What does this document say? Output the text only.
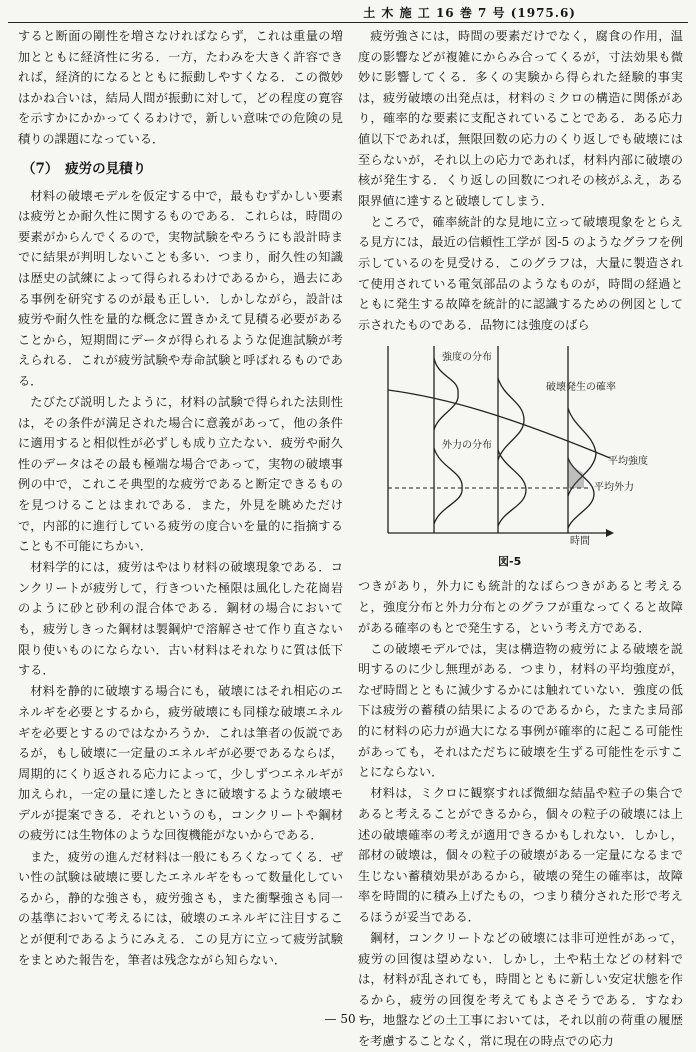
土 木 施 工 16 巻 7 号 (1975.6)

すると断面の剛性を増さなければならず，これは重量の増加とともに経済性に劣る．一方，たわみを大きく許容できれば，経済的になるとともに振動しやすくなる．この微妙はかね合いは，結局人間が振動に対して，どの程度の寛容を示すかにかかってくるわけで，新しい意味での危険の見積りの課題になっている．

（7）　疲労の見積り

材料の破壊モデルを仮定する中で，最もむずかしい要素は疲労とか耐久性に関するものである．これらは，時間の要素がからんでくるので，実物試験をやろうにも設計時までに結果が判明しないことも多い．つまり，耐久性の知識は歴史の試練によって得られるわけであるから，過去にある事例を研究するのが最も正しい．しかしながら，設計は疲労や耐久性を量的な概念に置きかえて見積る必要があることから，短期間にデータが得られるような促進試験が考えられる．これが疲労試験や寿命試験と呼ばれるものである．

たびたび説明したように，材料の試験で得られた法則性は，その条件が満足された場合に意義があって，他の条件に適用すると相似性が必ずしも成り立たない．疲労や耐久性のデータはその最も極端な場合であって，実物の破壊事例の中で，これこそ典型的な疲労であると断定できるものを見つけることはまれである．また，外見を眺めただけで，内部的に進行している疲労の度合いを量的に指摘することも不可能にちかい．

材料学的には，疲労はやはり材料の破壊現象である．コンクリートが疲労して，行きついた極限は風化した花崗岩のように砂と砂利の混合体である．鋼材の場合においても，疲労しきった鋼材は製鋼炉で溶解させて作り直さない限り使いものにならない．古い材料はそれなりに質は低下する．

材料を静的に破壊する場合にも，破壊にはそれ相応のエネルギを必要とするから，疲労破壊にも同様な破壊エネルギを必要とするのではなかろうか．これは筆者の仮説であるが，もし破壊に一定量のエネルギが必要であるならば，周期的にくり返される応力によって，少しずつエネルギが加えられ，一定の量に達したときに破壊するような破壊モデルが提案できる．それというのも，コンクリートや鋼材の疲労には生物体のような回復機能がないからである．

また，疲労の進んだ材料は一般にもろくなってくる．ぜい性の試験は破壊に要したエネルギをもって数量化しているから，静的な強さも，疲労強さも，また衝撃強さも同一の基準において考えるには，破壊のエネルギに注目することが便利であるようにみえる．この見方に立って疲労試験をまとめた報告を，筆者は残念ながら知らない．

疲労強さには，時間の要素だけでなく，腐食の作用，温度の影響などが複雑にからみ合ってくるが，寸法効果も微妙に影響してくる．多くの実験から得られた経験的事実は，疲労破壊の出発点は，材料のミクロの構造に関係があり，確率的な要素に支配されていることである．ある応力値以下であれば，無限回数の応力のくり返しでも破壊には至らないが，それ以上の応力であれば，材料内部に破壊の核が発生する．くり返しの回数につれその核がふえ，ある限界値に達すると破壊してしまう．

ところで，確率統計的な見地に立って破壊現象をとらえる見方には，最近の信頼性工学が 図-5 のようなグラフを例示しているのを見受ける．このグラフは，大量に製造されて使用されている電気部品のようなものが，時間の経過とともに発生する故障を統計的に認識するための例図として示されたものである．品物には強度のばら

強度の分布
破壊発生の確率
外力の分布
平均強度
平均外力
時間
図-5

つきがあり，外力にも統計的なばらつきがあると考えると，強度分布と外力分布とのグラフが重なってくると故障がある確率のもとで発生する，という考え方である．

この破壊モデルでは，実は構造物の疲労による破壊を説明するのに少し無理がある．つまり，材料の平均強度が，なぜ時間とともに減少するかには触れていない．強度の低下は疲労の蓄積の結果によるのであるから，たまたま局部的に材料の応力が過大になる事例が確率的に起こる可能性があっても，それはただちに破壊を生ずる可能性を示すことにならない．

材料は，ミクロに観察すれば微細な結晶や粒子の集合であると考えることができるから，個々の粒子の破壊には上述の破壊確率の考えが適用できるかもしれない．しかし，部材の破壊は，個々の粒子の破壊がある一定量になるまで生じない蓄積効果があるから，破壊の発生の確率は，故障率を時間的に積み上げたもの，つまり積分された形で考えるほうが妥当である．

鋼材，コンクリートなどの破壊には非可逆性があって，疲労の回復は望めない．しかし，土や粘土などの材料では，材料が乱されても，時間とともに新しい安定状態を作るから，疲労の回復を考えてもよさそうである．すなわち，地盤などの土工事においては，それ以前の荷重の履歴を考慮することなく，常に現在の時点での応力

— 50 —
